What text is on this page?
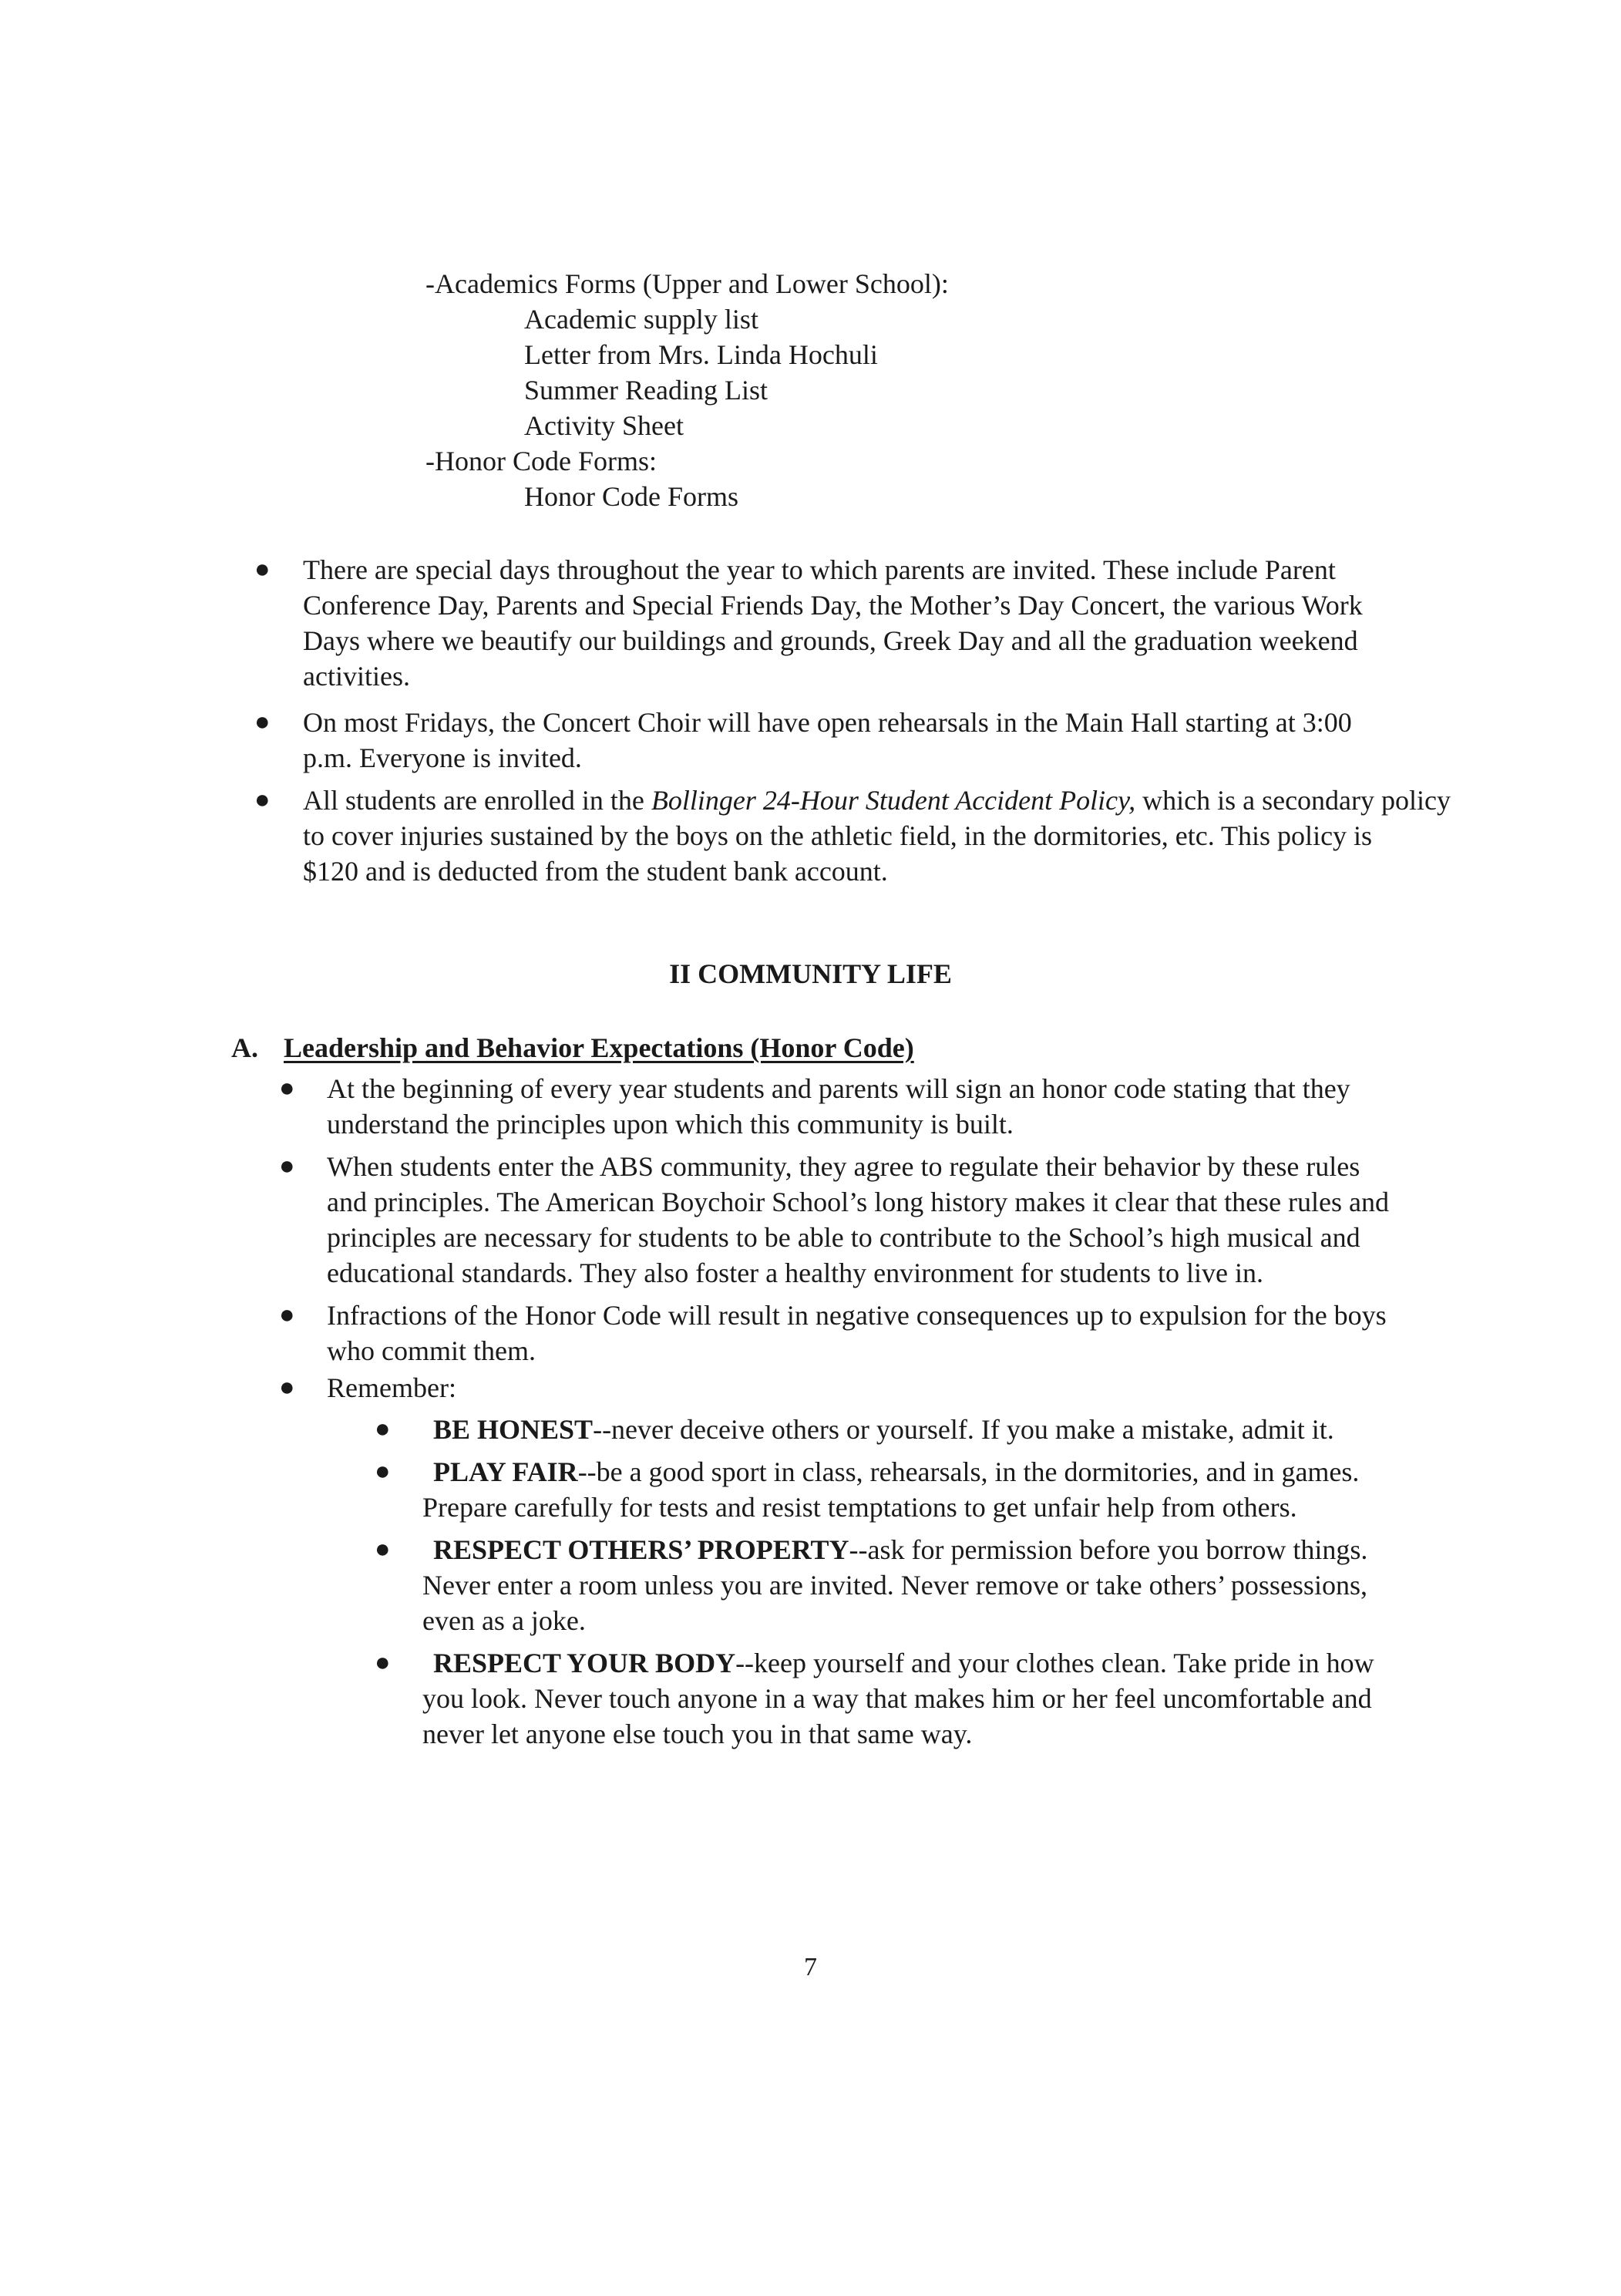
-Academics Forms (Upper and Lower School):
Academic supply list
Letter from Mrs. Linda Hochuli
Summer Reading List
Activity Sheet
-Honor Code Forms:
Honor Code Forms
● There are special days throughout the year to which parents are invited. These include Parent
Conference Day, Parents and Special Friends Day, the Mother’s Day Concert, the various Work
Days where we beautify our buildings and grounds, Greek Day and all the graduation weekend
activities.
● On most Fridays, the Concert Choir will have open rehearsals in the Main Hall starting at 3:00
p.m. Everyone is invited.
● All students are enrolled in the Bollinger 24-Hour Student Accident Policy, which is a secondary policy
to cover injuries sustained by the boys on the athletic field, in the dormitories, etc. This policy is
$120 and is deducted from the student bank account.
II COMMUNITY LIFE
A. Leadership and Behavior Expectations (Honor Code)
● At the beginning of every year students and parents will sign an honor code stating that they
understand the principles upon which this community is built.
● When students enter the ABS community, they agree to regulate their behavior by these rules
and principles. The American Boychoir School’s long history makes it clear that these rules and
principles are necessary for students to be able to contribute to the School’s high musical and
educational standards. They also foster a healthy environment for students to live in.
● Infractions of the Honor Code will result in negative consequences up to expulsion for the boys
who commit them.
● Remember:
● BE HONEST--never deceive others or yourself. If you make a mistake, admit it.
● PLAY FAIR--be a good sport in class, rehearsals, in the dormitories, and in games.
Prepare carefully for tests and resist temptations to get unfair help from others.
● RESPECT OTHERS’ PROPERTY--ask for permission before you borrow things.
Never enter a room unless you are invited. Never remove or take others’ possessions,
even as a joke.
● RESPECT YOUR BODY--keep yourself and your clothes clean. Take pride in how
you look. Never touch anyone in a way that makes him or her feel uncomfortable and
never let anyone else touch you in that same way.
7
